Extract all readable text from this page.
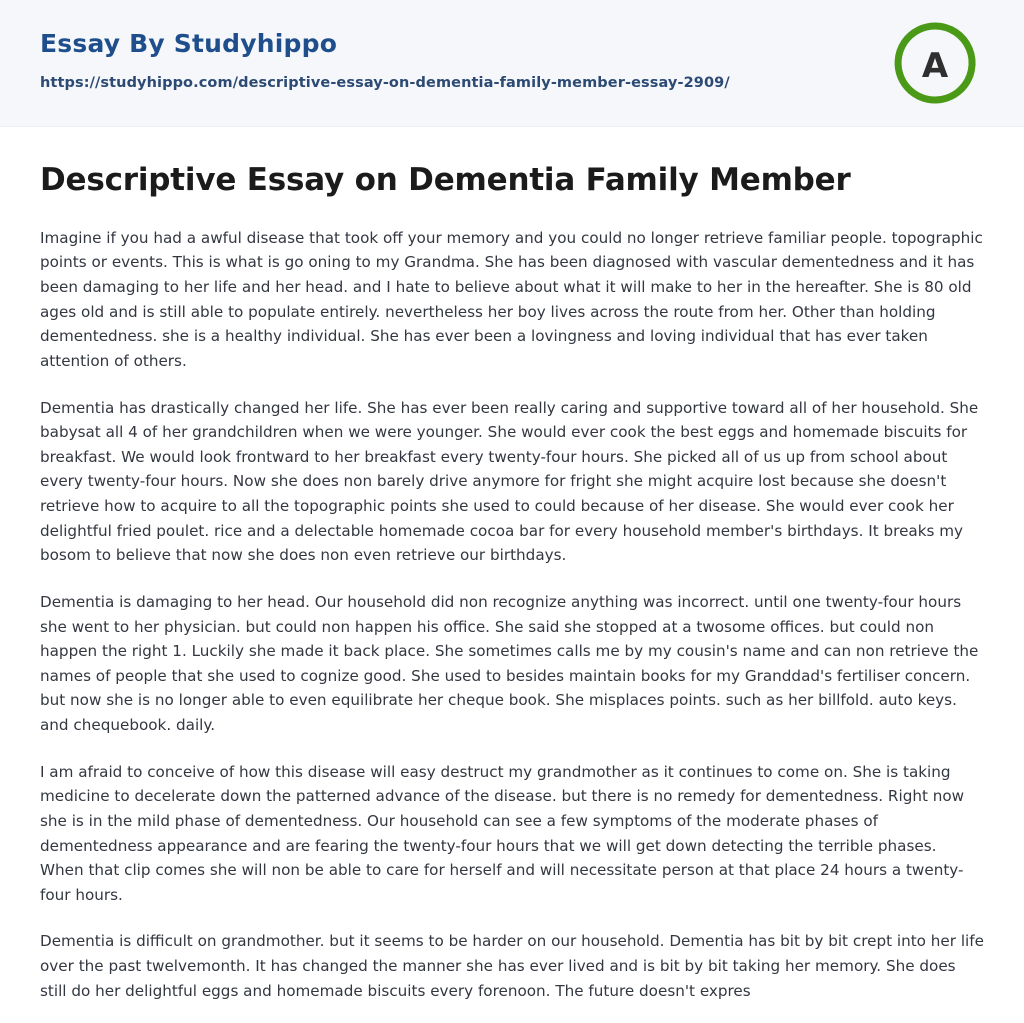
Essay By Studyhippo
https://studyhippo.com/descriptive-essay-on-dementia-family-member-essay-2909/	A
Descriptive Essay on Dementia Family Member

Imagine if you had a awful disease that took off your memory and you could no longer retrieve familiar people. topographic points or events. This is what is go oning to my Grandma. She has been diagnosed with vascular dementedness and it has been damaging to her life and her head. and I hate to believe about what it will make to her in the hereafter. She is 80 old ages old and is still able to populate entirely. nevertheless her boy lives across the route from her. Other than holding dementedness. she is a healthy individual. She has ever been a lovingness and loving individual that has ever taken attention of others.

Dementia has drastically changed her life. She has ever been really caring and supportive toward all of her household. She babysat all 4 of her grandchildren when we were younger. She would ever cook the best eggs and homemade biscuits for breakfast. We would look frontward to her breakfast every twenty-four hours. She picked all of us up from school about every twenty-four hours. Now she does non barely drive anymore for fright she might acquire lost because she doesn't retrieve how to acquire to all the topographic points she used to could because of her disease. She would ever cook her delightful fried poulet. rice and a delectable homemade cocoa bar for every household member's birthdays. It breaks my bosom to believe that now she does non even retrieve our birthdays.

Dementia is damaging to her head. Our household did non recognize anything was incorrect. until one twenty-four hours she went to her physician. but could non happen his office. She said she stopped at a twosome offices. but could non happen the right 1. Luckily she made it back place. She sometimes calls me by my cousin's name and can non retrieve the names of people that she used to cognize good. She used to besides maintain books for my Granddad's fertiliser concern. but now she is no longer able to even equilibrate her cheque book. She misplaces points. such as her billfold. auto keys. and chequebook. daily.

I am afraid to conceive of how this disease will easy destruct my grandmother as it continues to come on. She is taking medicine to decelerate down the patterned advance of the disease. but there is no remedy for dementedness. Right now she is in the mild phase of dementedness. Our household can see a few symptoms of the moderate phases of dementedness appearance and are fearing the twenty-four hours that we will get down detecting the terrible phases. When that clip comes she will non be able to care for herself and will necessitate person at that place 24 hours a twenty-four hours.

Dementia is difficult on grandmother. but it seems to be harder on our household. Dementia has bit by bit crept into her life over the past twelvemonth. It has changed the manner she has ever lived and is bit by bit taking her memory. She does still do her delightful eggs and homemade biscuits every forenoon. The future doesn't expres
